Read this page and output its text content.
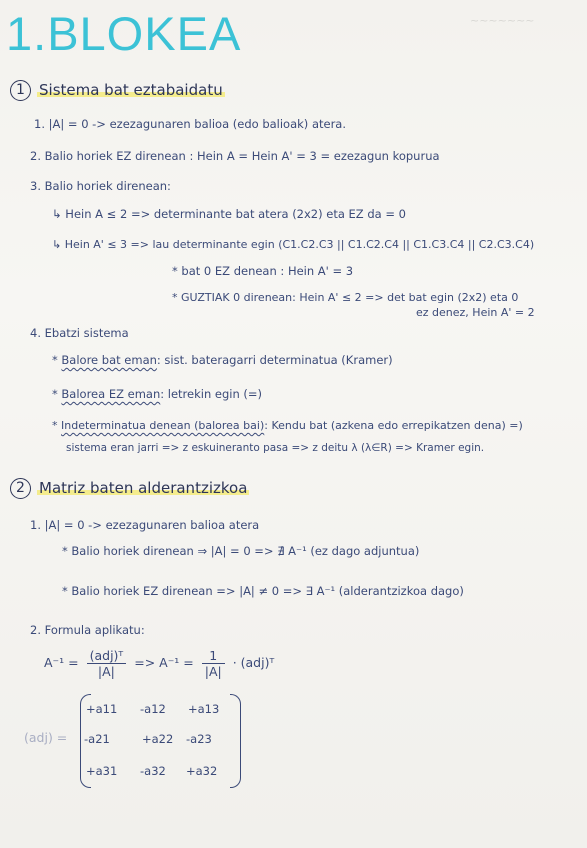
1.BLOKEA	~~~~~~~
1 Sistema bat eztabaidatu
1. |A| = 0 -> ezezagunaren balioa (edo balioak) atera.
2. Balio horiek EZ direnean : Hein A = Hein A' = 3 = ezezagun kopurua
3. Balio horiek direnean:
↳ Hein A ≤ 2 => determinante bat atera (2x2) eta EZ da = 0
↳ Hein A' ≤ 3 => lau determinante egin (C1.C2.C3 || C1.C2.C4 || C1.C3.C4 || C2.C3.C4)
* bat 0 EZ denean : Hein A' = 3
* GUZTIAK 0 direnean: Hein A' ≤ 2 => det bat egin (2x2) eta 0
ez denez, Hein A' = 2
4. Ebatzi sistema
* Balore bat eman: sist. bateragarri determinatua (Kramer)
* Balorea EZ eman: letrekin egin (=)
* Indeterminatua denean (balorea bai): Kendu bat (azkena edo errepikatzen dena) =)
sistema eran jarri => z eskuineranto pasa => z deitu λ (λ∈R) => Kramer egin.
2 Matriz baten alderantzizkoa
1. |A| = 0 -> ezezagunaren balioa atera
* Balio horiek direnean ⇒ |A| = 0 => ∄ A⁻¹ (ez dago adjuntua)
* Balio horiek EZ direnean => |A| ≠ 0 => ∃ A⁻¹ (alderantzizkoa dago)
2. Formula aplikatu:
$A^{-1} = \frac{\text{(adj)ᵀ}}{|A|} => A^{-1} = \frac{1}{|A|}$ · (adj)ᵀ
(adj) =
+a11 -a12 +a13
-a21	+a22 -a23
+a31 -a32 +a32
